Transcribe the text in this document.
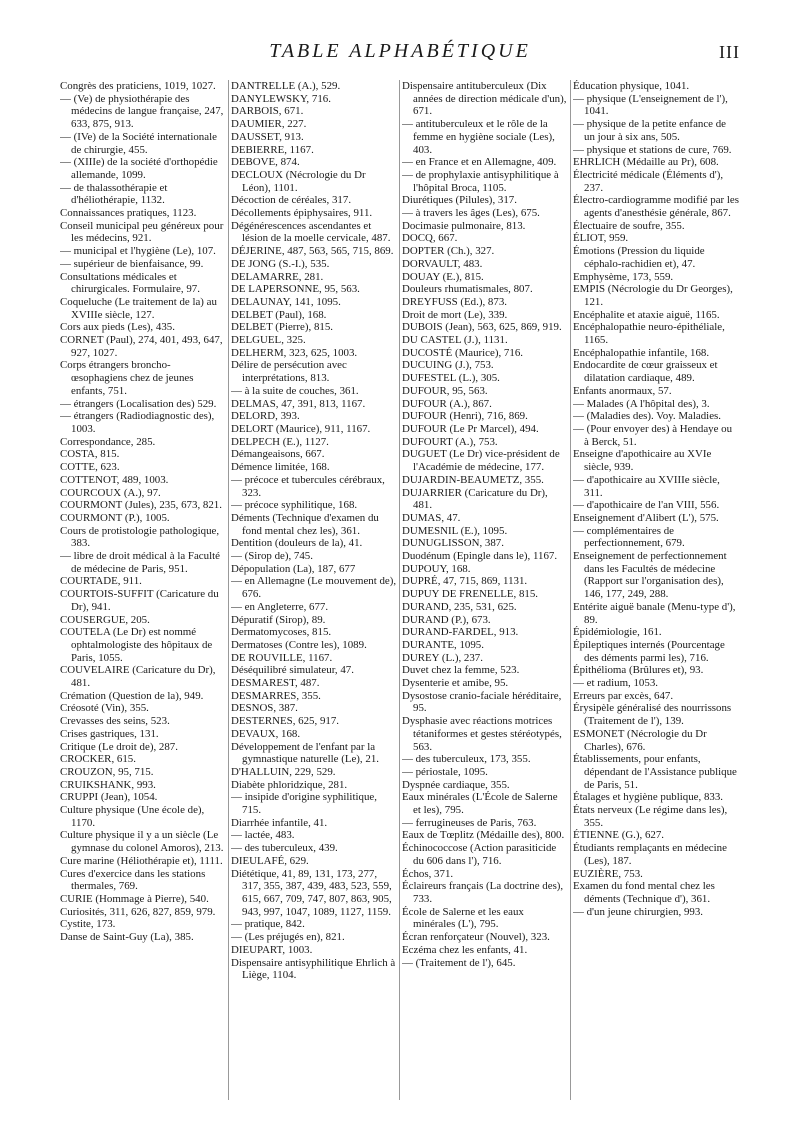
TABLE ALPHABÉTIQUE	III

Congrès des praticiens, 1019, 1027.

— (Ve) de physiothérapie des médecins de langue française, 247, 633, 875, 913.

— (IVe) de la Société internationale de chirurgie, 455.

— (XIIIe) de la société d'orthopédie allemande, 1099.

— de thalassothérapie et d'héliothérapie, 1132.

Connaissances pratiques, 1123.

Conseil municipal peu généreux pour les médecins, 921.

— municipal et l'hygiène (Le), 107.

— supérieur de bienfaisance, 99.

Consultations médicales et chirurgicales. Formulaire, 97.

Coqueluche (Le traitement de la) au XVIIIe siècle, 127.

Cors aux pieds (Les), 435.

CORNET (Paul), 274, 401, 493, 647, 927, 1027.

Corps étrangers broncho-œsophagiens chez de jeunes enfants, 751.

— étrangers (Localisation des) 529.

— étrangers (Radiodiagnostic des), 1003.

Correspondance, 285.

COSTA, 815.

COTTE, 623.

COTTENOT, 489, 1003.

COURCOUX (A.), 97.

COURMONT (Jules), 235, 673, 821.

COURMONT (P.), 1005.

Cours de protistologie pathologique, 383.

— libre de droit médical à la Faculté de médecine de Paris, 951.

COURTADE, 911.

COURTOIS-SUFFIT (Caricature du Dr), 941.

COUSERGUE, 205.

COUTELA (Le Dr) est nommé ophtalmologiste des hôpitaux de Paris, 1055.

COUVELAIRE (Caricature du Dr), 481.

Crémation (Question de la), 949.

Créosoté (Vin), 355.

Crevasses des seins, 523.

Crises gastriques, 131.

Critique (Le droit de), 287.

CROCKER, 615.

CROUZON, 95, 715.

CRUIKSHANK, 993.

CRUPPI (Jean), 1054.

Culture physique (Une école de), 1170.

Culture physique il y a un siècle (Le gymnase du colonel Amoros), 213.

Cure marine (Héliothérapie et), 1111.

Cures d'exercice dans les stations thermales, 769.

CURIE (Hommage à Pierre), 540.

Curiosités, 311, 626, 827, 859, 979.

Cystite, 173.

Danse de Saint-Guy (La), 385.

DANTRELLE (A.), 529.

DANYLEWSKY, 716.

DARBOIS, 671.

DAUMIER, 227.

DAUSSET, 913.

DEBIERRE, 1167.

DEBOVE, 874.

DECLOUX (Nécrologie du Dr Léon), 1101.

Décoction de céréales, 317.

Décollements épiphysaires, 911.

Dégénérescences ascendantes et lésion de la moelle cervicale, 487.

DÉJERINE, 487, 563, 565, 715, 869.

DE JONG (S.-I.), 535.

DELAMARRE, 281.

DE LAPERSONNE, 95, 563.

DELAUNAY, 141, 1095.

DELBET (Paul), 168.

DELBET (Pierre), 815.

DELGUEL, 325.

DELHERM, 323, 625, 1003.

Délire de persécution avec interprétations, 813.

— à la suite de couches, 361.

DELMAS, 47, 391, 813, 1167.

DELORD, 393.

DELORT (Maurice), 911, 1167.

DELPECH (E.), 1127.

Démangeaisons, 667.

Démence limitée, 168.

— précoce et tubercules cérébraux, 323.

— précoce syphilitique, 168.

Déments (Technique d'examen du fond mental chez les), 361.

Dentition (douleurs de la), 41.

— (Sirop de), 745.

Dépopulation (La), 187, 677

— en Allemagne (Le mouvement de), 676.

— en Angleterre, 677.

Dépuratif (Sirop), 89.

Dermatomycoses, 815.

Dermatoses (Contre les), 1089.

DE ROUVILLE, 1167.

Déséquilibré simulateur, 47.

DESMAREST, 487.

DESMARRES, 355.

DESNOS, 387.

DESTERNES, 625, 917.

DEVAUX, 168.

Développement de l'enfant par la gymnastique naturelle (Le), 21.

D'HALLUIN, 229, 529.

Diabète phloridzique, 281.

— insipide d'origine syphilitique, 715.

Diarrhée infantile, 41.

— lactée, 483.

— des tuberculeux, 439.

DIEULAFÉ, 629.

Diététique, 41, 89, 131, 173, 277, 317, 355, 387, 439, 483, 523, 559, 615, 667, 709, 747, 807, 863, 905, 943, 997, 1047, 1089, 1127, 1159.

— pratique, 842.

— (Les préjugés en), 821.

DIEUPART, 1003.

Dispensaire antisyphilitique Ehrlich à Liège, 1104.

Dispensaire antituberculeux (Dix années de direction médicale d'un), 671.

— antituberculeux et le rôle de la femme en hygiène sociale (Les), 403.

— en France et en Allemagne, 409.

— de prophylaxie antisyphilitique à l'hôpital Broca, 1105.

Diurétiques (Pilules), 317.

— à travers les âges (Les), 675.

Docimasie pulmonaire, 813.

DOCQ, 667.

DOPTER (Ch.), 327.

DORVAULT, 483.

DOUAY (E.), 815.

Douleurs rhumatismales, 807.

DREYFUSS (Ed.), 873.

Droit de mort (Le), 339.

DUBOIS (Jean), 563, 625, 869, 919.

DU CASTEL (J.), 1131.

DUCOSTÉ (Maurice), 716.

DUCUING (J.), 753.

DUFESTEL (L.), 305.

DUFOUR, 95, 563.

DUFOUR (A.), 867.

DUFOUR (Henri), 716, 869.

DUFOUR (Le Pr Marcel), 494.

DUFOURT (A.), 753.

DUGUET (Le Dr) vice-président de l'Académie de médecine, 177.

DUJARDIN-BEAUMETZ, 355.

DUJARRIER (Caricature du Dr), 481.

DUMAS, 47.

DUMESNIL (E.), 1095.

DUNUGLISSON, 387.

Duodénum (Epingle dans le), 1167.

DUPOUY, 168.

DUPRÉ, 47, 715, 869, 1131.

DUPUY DE FRENELLE, 815.

DURAND, 235, 531, 625.

DURAND (P.), 673.

DURAND-FARDEL, 913.

DURANTE, 1095.

DUREY (L.), 237.

Duvet chez la femme, 523.

Dysenterie et amibe, 95.

Dysostose cranio-faciale héréditaire, 95.

Dysphasie avec réactions motrices tétaniformes et gestes stéréotypés, 563.

— des tuberculeux, 173, 355.

— périostale, 1095.

Dyspnée cardiaque, 355.

Eaux minérales (L'École de Salerne et les), 795.

— ferrugineuses de Paris, 763.

Eaux de Tœplitz (Médaille des), 800.

Échinococcose (Action parasiticide du 606 dans l'), 716.

Échos, 371.

Éclaireurs français (La doctrine des), 733.

École de Salerne et les eaux minérales (L'), 795.

Écran renforçateur (Nouvel), 323.

Eczéma chez les enfants, 41.

— (Traitement de l'), 645.

Éducation physique, 1041.

— physique (L'enseignement de l'), 1041.

— physique de la petite enfance de un jour à six ans, 505.

— physique et stations de cure, 769.

EHRLICH (Médaille au Pr), 608.

Électricité médicale (Éléments d'), 237.

Électro-cardiogramme modifié par les agents d'anesthésie générale, 867.

Électuaire de soufre, 355.

ÉLIOT, 959.

Émotions (Pression du liquide céphalo-rachidien et), 47.

Emphysème, 173, 559.

EMPIS (Nécrologie du Dr Georges), 121.

Encéphalite et ataxie aiguë, 1165.

Encéphalopathie neuro-épithéliale, 1165.

Encéphalopathie infantile, 168.

Endocardite de cœur graisseux et dilatation cardiaque, 489.

Enfants anormaux, 57.

— Malades (A l'hôpital des), 3.

— (Maladies des). Voy. Maladies.

— (Pour envoyer des) à Hendaye ou à Berck, 51.

Enseigne d'apothicaire au XVIe siècle, 939.

— d'apothicaire au XVIIIe siècle, 311.

— d'apothicaire de l'an VIII, 556.

Enseignement d'Alibert (L'), 575.

— complémentaires de perfectionnement, 679.

Enseignement de perfectionnement dans les Facultés de médecine (Rapport sur l'organisation des), 146, 177, 249, 288.

Entérite aiguë banale (Menu-type d'), 89.

Épidémiologie, 161.

Épileptiques internés (Pourcentage des déments parmi les), 716.

Épithélioma (Brûlures et), 93.

— et radium, 1053.

Erreurs par excès, 647.

Érysipèle généralisé des nourrissons (Traitement de l'), 139.

ESMONET (Nécrologie du Dr Charles), 676.

Établissements, pour enfants, dépendant de l'Assistance publique de Paris, 51.

Étalages et hygiène publique, 833.

États nerveux (Le régime dans les), 355.

ÉTIENNE (G.), 627.

Étudiants remplaçants en médecine (Les), 187.

EUZIÈRE, 753.

Examen du fond mental chez les déments (Technique d'), 361.

— d'un jeune chirurgien, 993.
